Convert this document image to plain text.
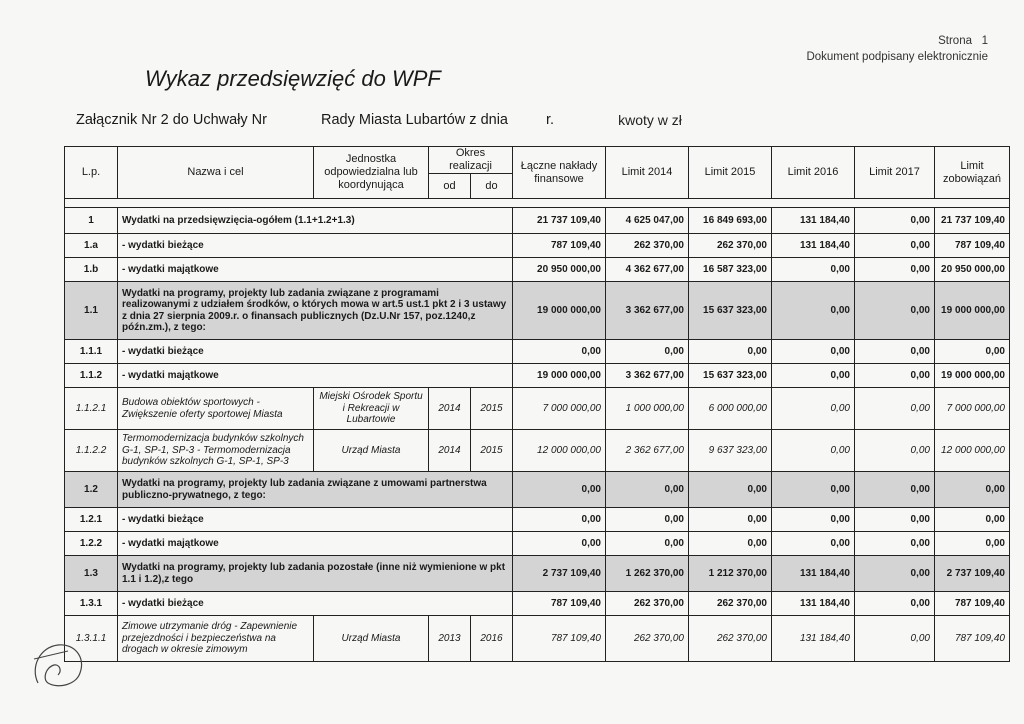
Strona 1
Dokument podpisany elektronicznie
Wykaz przedsięwzięć do WPF
Załącznik Nr 2 do Uchwały Nr	Rady Miasta Lubartów z dnia	r.	kwoty w zł
L.p.	Nazwa i cel	Jednostka odpowiedzialna lub koordynująca	Okres realizacji		Łączne nakłady finansowe	Limit 2014	Limit 2015	Limit 2016	Limit 2017	Limit zobowiązań
			od	do						

1	Wydatki na przedsięwzięcia-ogółem (1.1+1.2+1.3)				21 737 109,40	4 625 047,00	16 849 693,00	131 184,40	0,00	21 737 109,40
1.a	- wydatki bieżące				787 109,40	262 370,00	262 370,00	131 184,40	0,00	787 109,40
1.b	- wydatki majątkowe				20 950 000,00	4 362 677,00	16 587 323,00	0,00	0,00	20 950 000,00
1.1	Wydatki na programy, projekty lub zadania związane z programami realizowanymi z udziałem środków, o których mowa w art.5 ust.1 pkt 2 i 3 ustawy z dnia 27 sierpnia 2009.r. o finansach publicznych (Dz.U.Nr 157, poz.1240,z późn.zm.), z tego:				19 000 000,00	3 362 677,00	15 637 323,00	0,00	0,00	19 000 000,00
1.1.1	- wydatki bieżące				0,00	0,00	0,00	0,00	0,00	0,00
1.1.2	- wydatki majątkowe				19 000 000,00	3 362 677,00	15 637 323,00	0,00	0,00	19 000 000,00
1.1.2.1	Budowa obiektów sportowych - Zwiększenie oferty sportowej Miasta	Miejski Ośrodek Sportu i Rekreacji w Lubartowie	2014	2015	7 000 000,00	1 000 000,00	6 000 000,00	0,00	0,00	7 000 000,00
1.1.2.2	Termomodernizacja budynków szkolnych G-1, SP-1, SP-3 - Termomodernizacja budynków szkolnych G-1, SP-1, SP-3	Urząd Miasta	2014	2015	12 000 000,00	2 362 677,00	9 637 323,00	0,00	0,00	12 000 000,00
1.2	Wydatki na programy, projekty lub zadania związane z umowami partnerstwa publiczno-prywatnego, z tego:				0,00	0,00	0,00	0,00	0,00	0,00
1.2.1	- wydatki bieżące				0,00	0,00	0,00	0,00	0,00	0,00
1.2.2	- wydatki majątkowe				0,00	0,00	0,00	0,00	0,00	0,00
1.3	Wydatki na programy, projekty lub zadania pozostałe (inne niż wymienione w pkt 1.1 i 1.2),z tego				2 737 109,40	1 262 370,00	1 212 370,00	131 184,40	0,00	2 737 109,40
1.3.1	- wydatki bieżące				787 109,40	262 370,00	262 370,00	131 184,40	0,00	787 109,40
1.3.1.1	Zimowe utrzymanie dróg - Zapewnienie przejezdności i bezpieczeństwa na drogach w okresie zimowym	Urząd Miasta	2013	2016	787 109,40	262 370,00	262 370,00	131 184,40	0,00	787 109,40
